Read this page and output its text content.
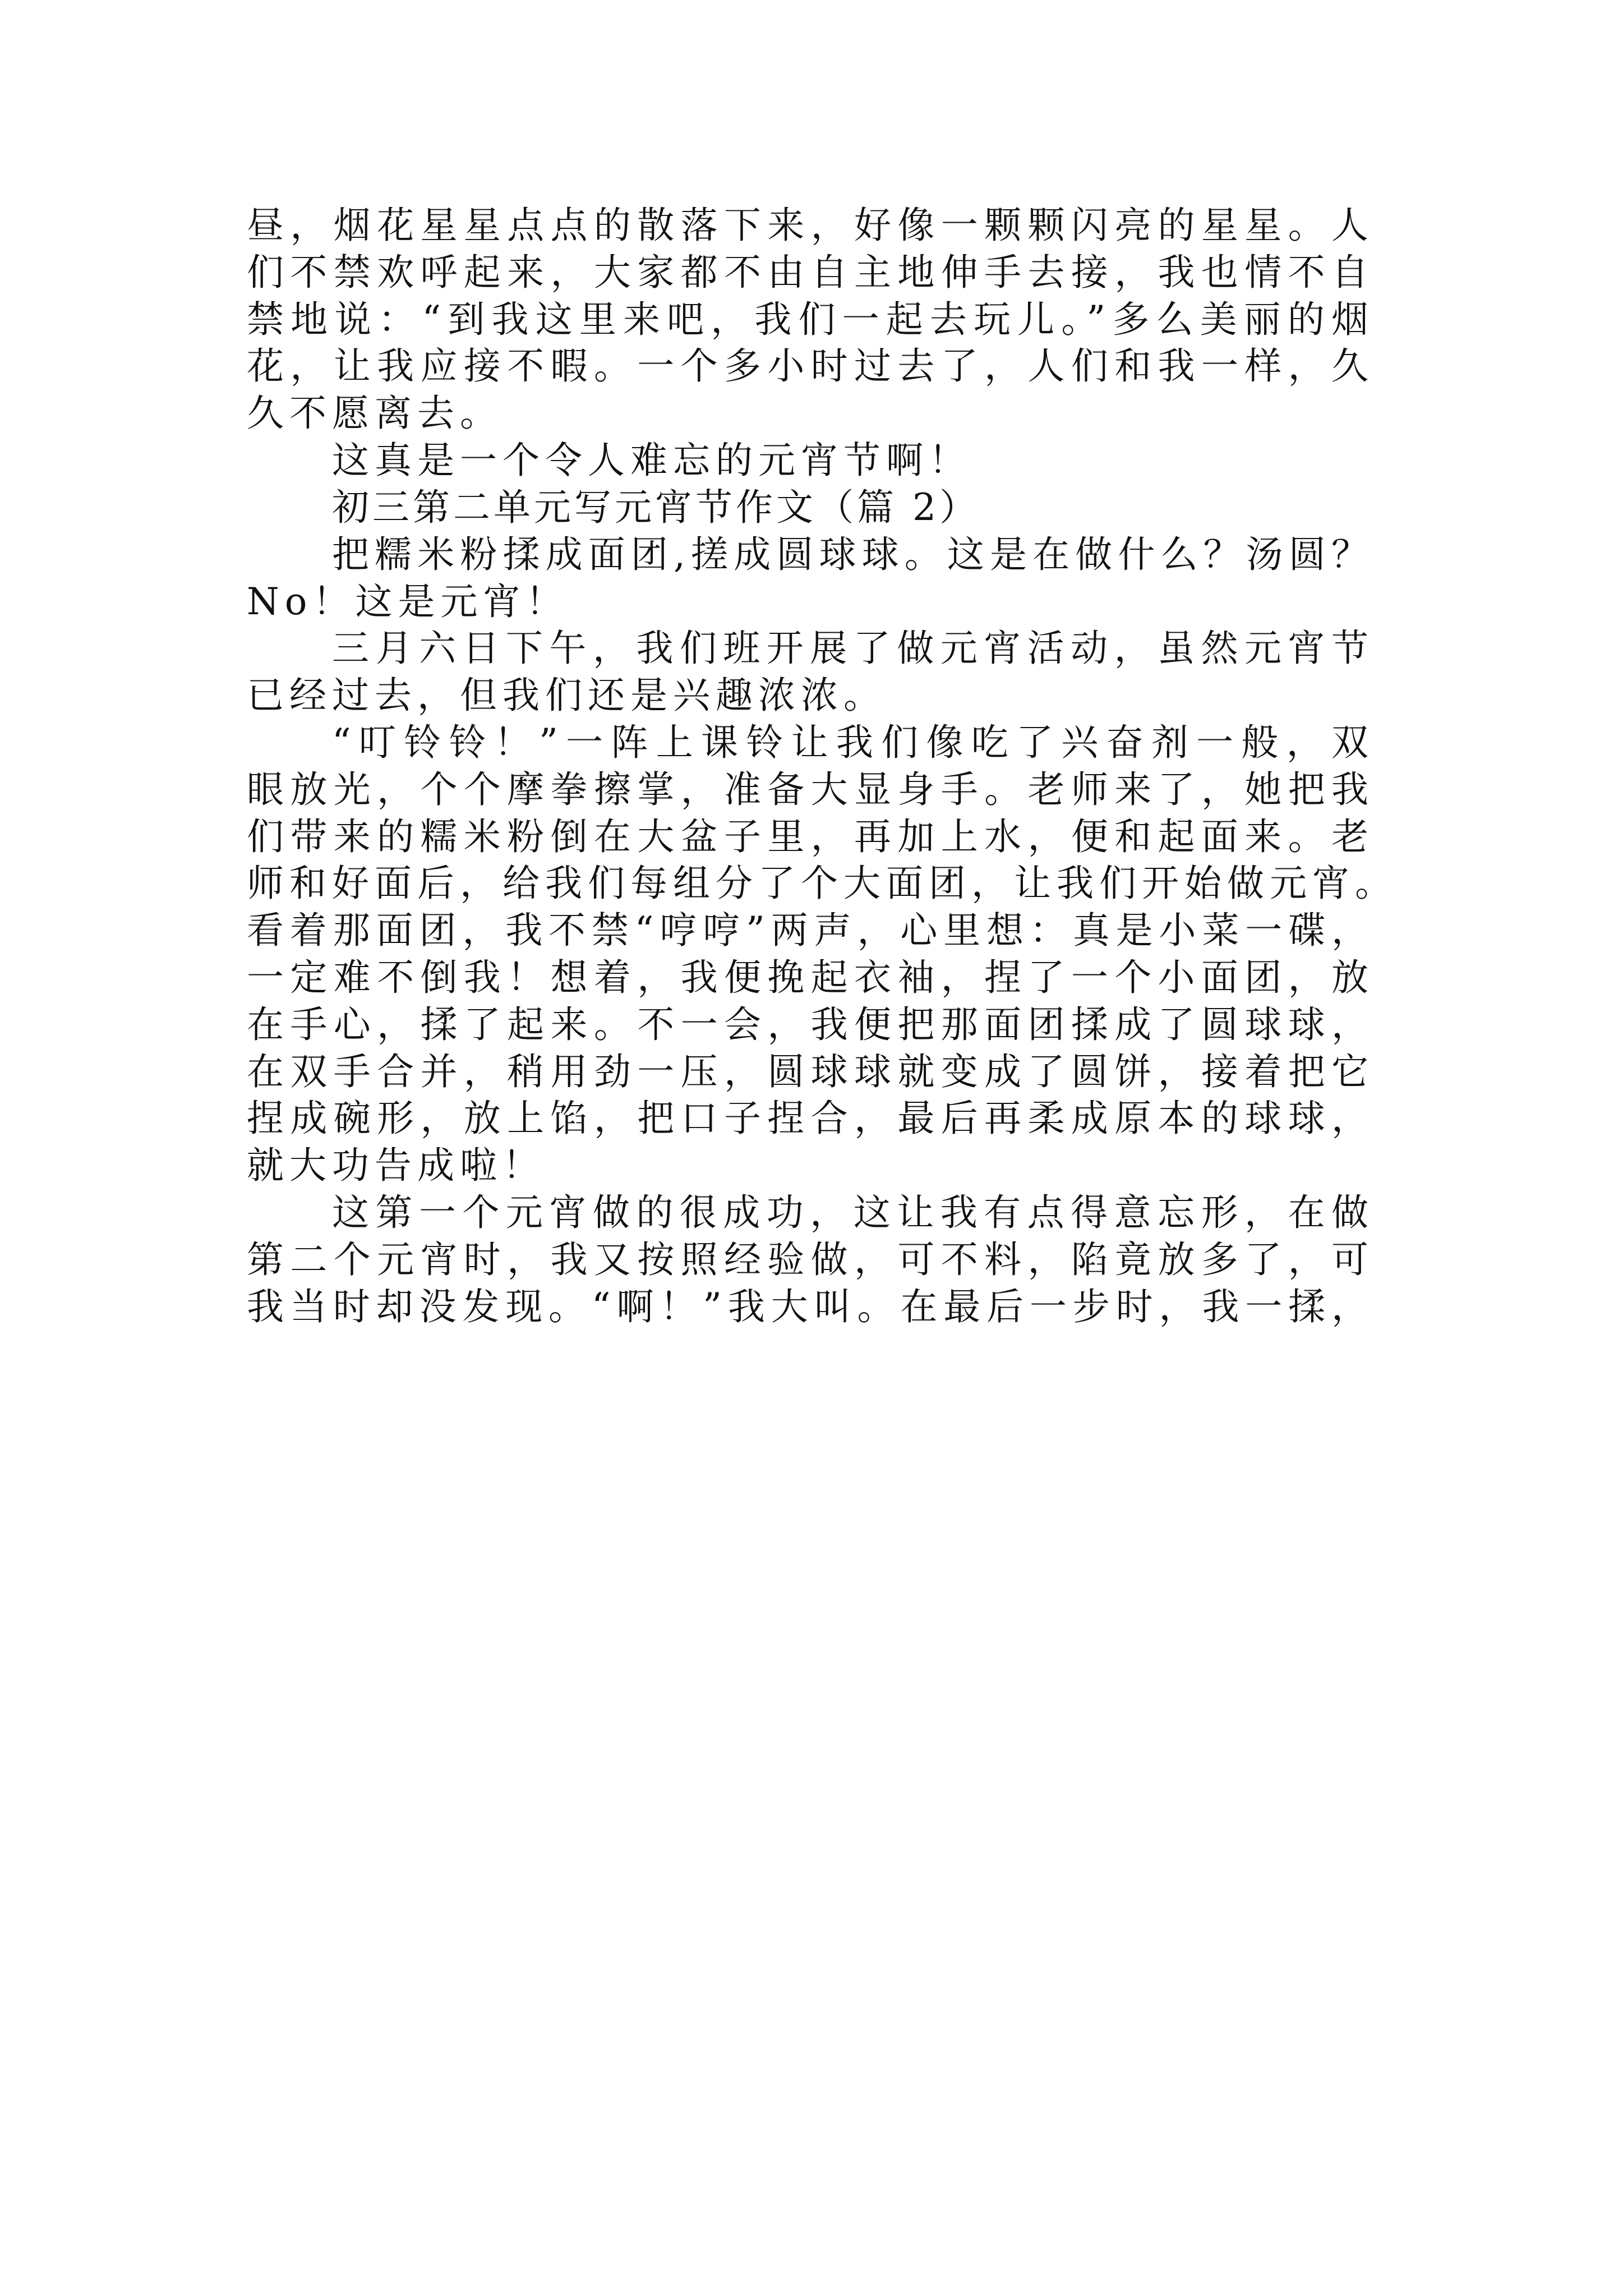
昼，烟花星星点点的散落下来，好像一颗颗闪亮的星星。人
们不禁欢呼起来，大家都不由自主地伸手去接，我也情不自
禁地说：“到我这里来吧，我们一起去玩儿。”多么美丽的烟
花，让我应接不暇。一个多小时过去了，人们和我一样，久
久不愿离去。

这真是一个令人难忘的元宵节啊！

初三第二单元写元宵节作文（篇 2）

把糯米粉揉成面团,搓成圆球球。这是在做什么？汤圆？
No！这是元宵！
三月六日下午，我们班开展了做元宵活动，虽然元宵节
已经过去，但我们还是兴趣浓浓。
“叮铃铃！”一阵上课铃让我们像吃了兴奋剂一般，双
眼放光，个个摩拳擦掌，准备大显身手。老师来了，她把我
们带来的糯米粉倒在大盆子里，再加上水，便和起面来。老
师和好面后，给我们每组分了个大面团，让我们开始做元宵。
看着那面团，我不禁“哼哼”两声，心里想：真是小菜一碟，
一定难不倒我！想着，我便挽起衣袖，捏了一个小面团，放
在手心，揉了起来。不一会，我便把那面团揉成了圆球球，
在双手合并，稍用劲一压，圆球球就变成了圆饼，接着把它
捏成碗形，放上馅，把口子捏合，最后再柔成原本的球球，
就大功告成啦！
这第一个元宵做的很成功，这让我有点得意忘形，在做
第二个元宵时，我又按照经验做，可不料，陷竟放多了，可
我当时却没发现。“啊！”我大叫。在最后一步时，我一揉，
